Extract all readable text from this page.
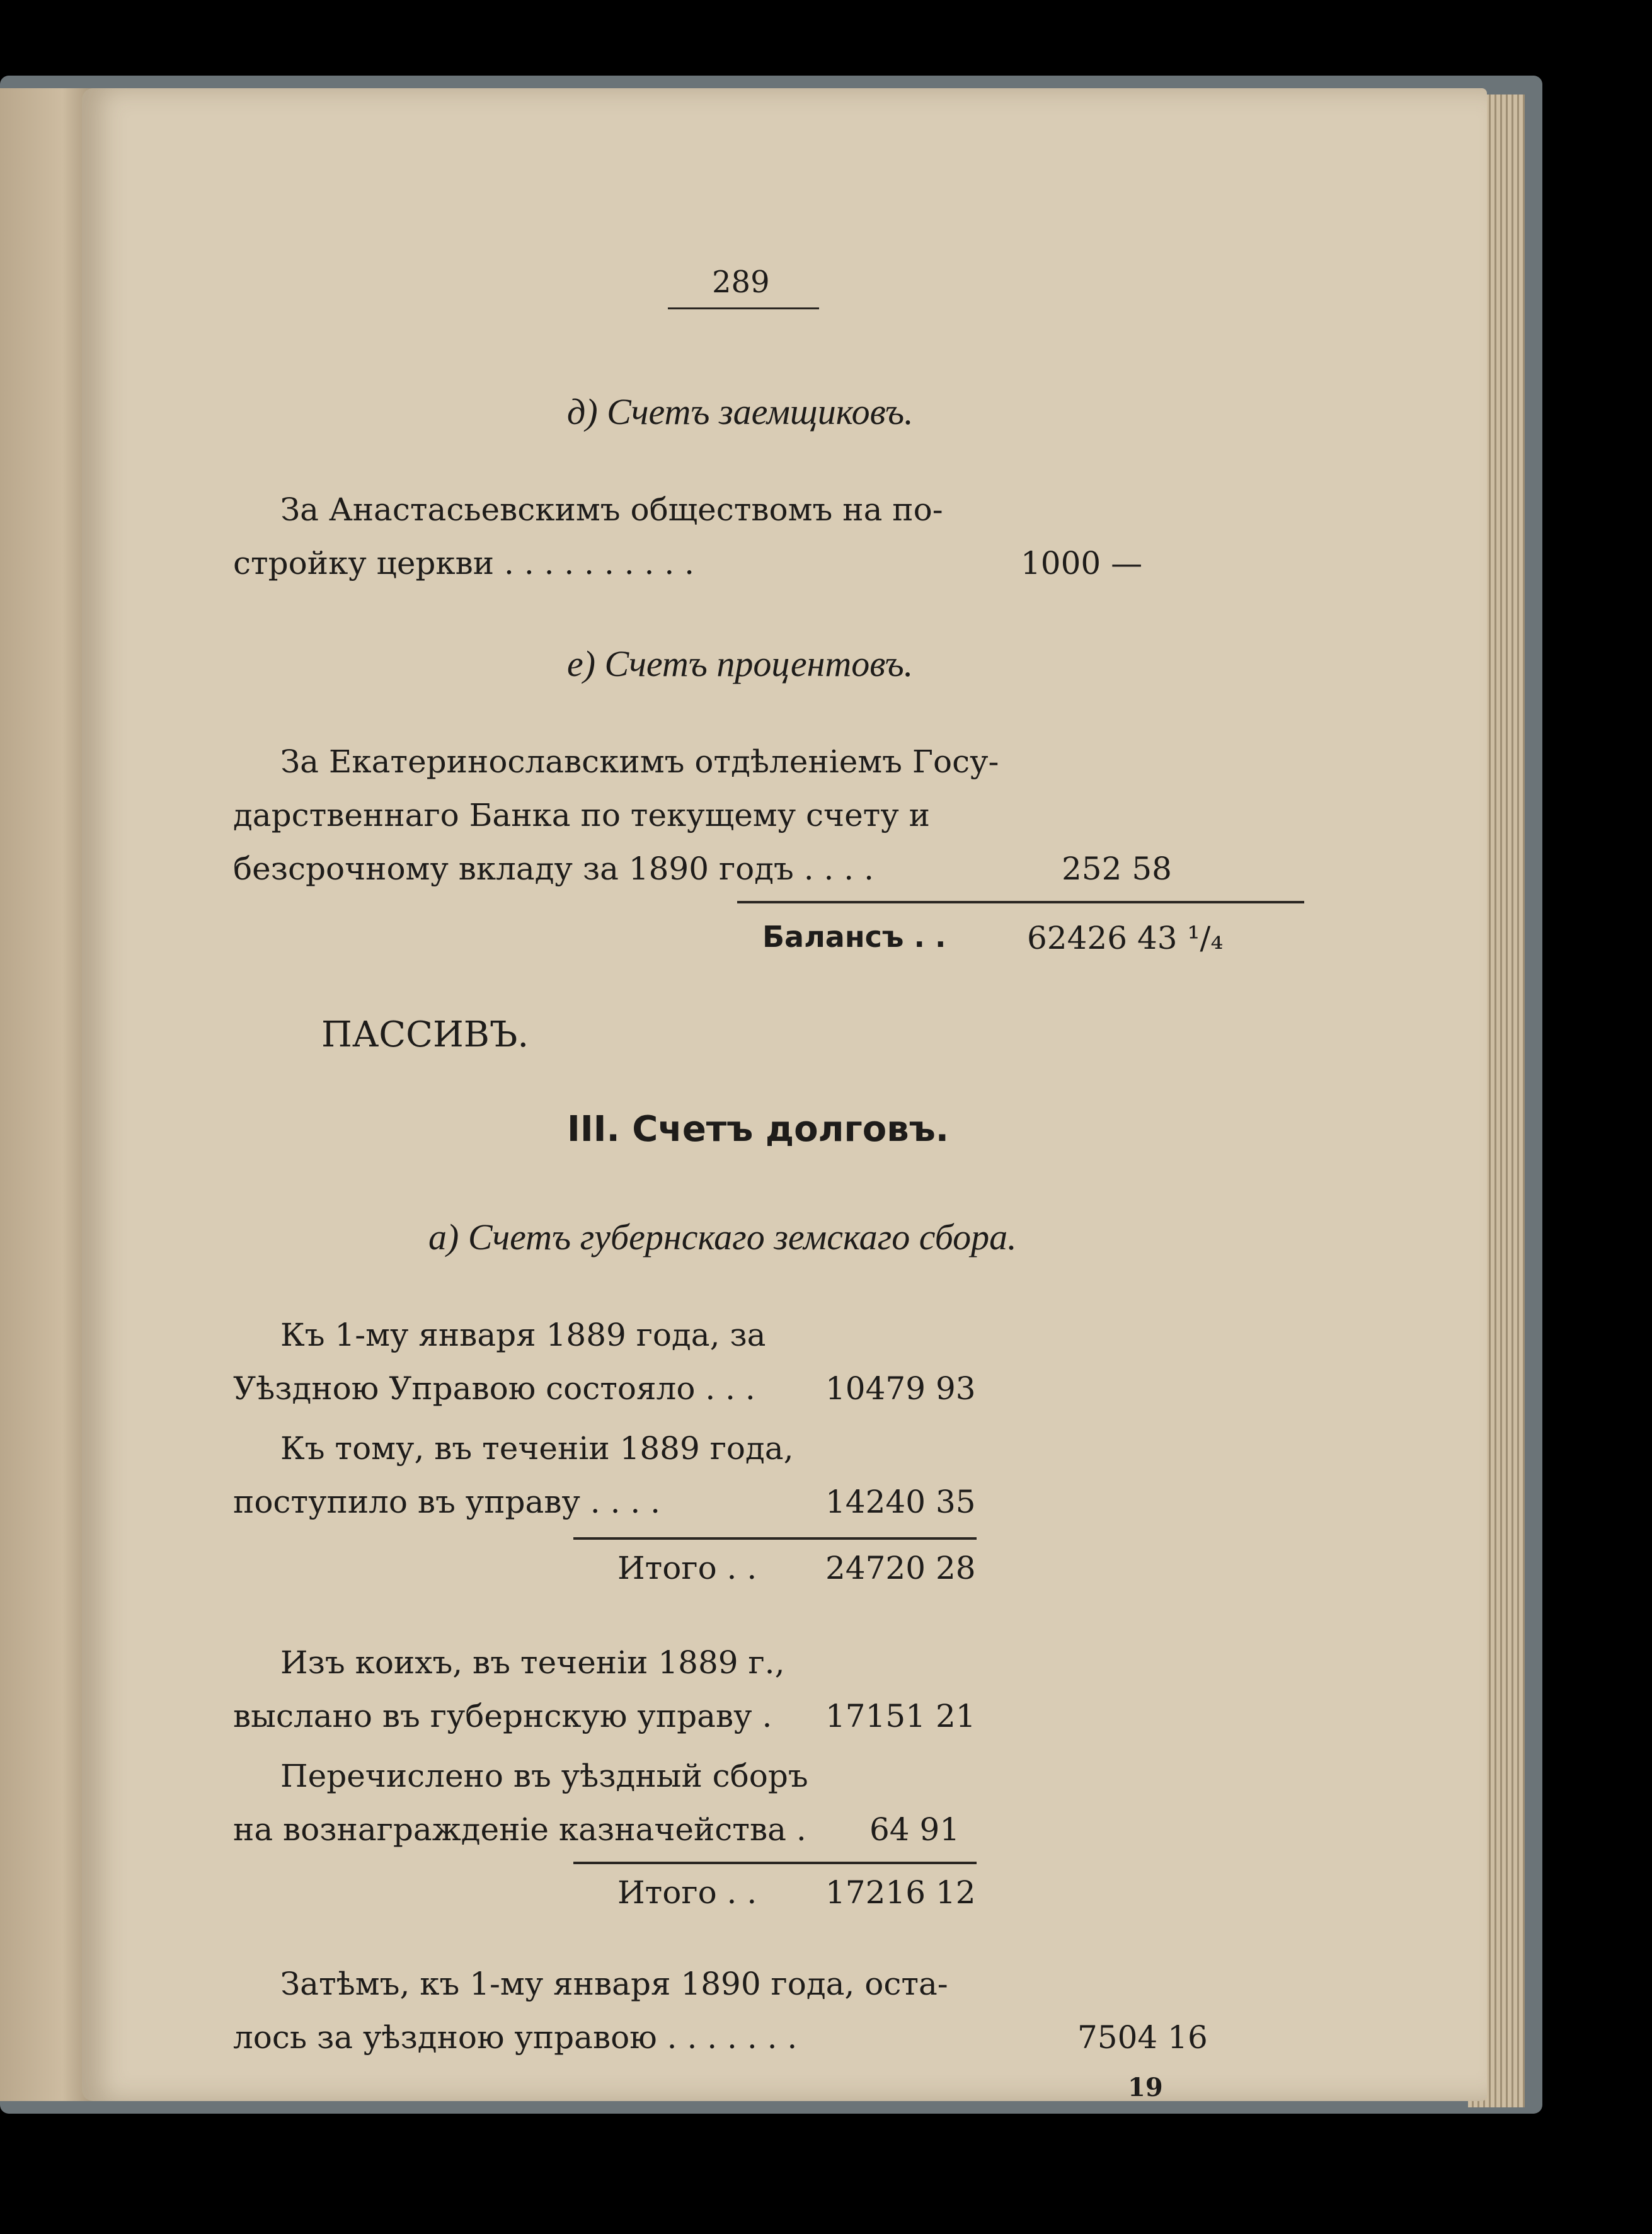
289
д) Счетъ заемщиковъ.
За Анастасьевскимъ обществомъ на по-
стройку церкви . . . . . . . . . .	1000 —
е) Счетъ процентовъ.
За Екатеринославскимъ отдѣленіемъ Госу-
дарственнаго Банка по текущему счету и
безсрочному вкладу за 1890 годъ . . . .	252 58
Балансъ . .	62426 43 ¹/₄
ПАССИВЪ.
III. Счетъ долговъ.
а) Счетъ губернскаго земскаго сбора.
Къ 1-му января 1889 года, за
Уѣздною Управою состояло . . . 10479 93
Къ тому, въ теченіи 1889 года,
поступило въ управу . . . .	14240 35
Итого . . 24720 28
Изъ коихъ, въ теченіи 1889 г.,
выслано въ губернскую управу . 17151 21
Перечислено въ уѣздный сборъ
на вознагражденіе казначейства . 64 91
Итого . . 17216 12
Затѣмъ, къ 1-му января 1890 года, оста-
лось за уѣздною управою . . . . . . .	7504 16
19
